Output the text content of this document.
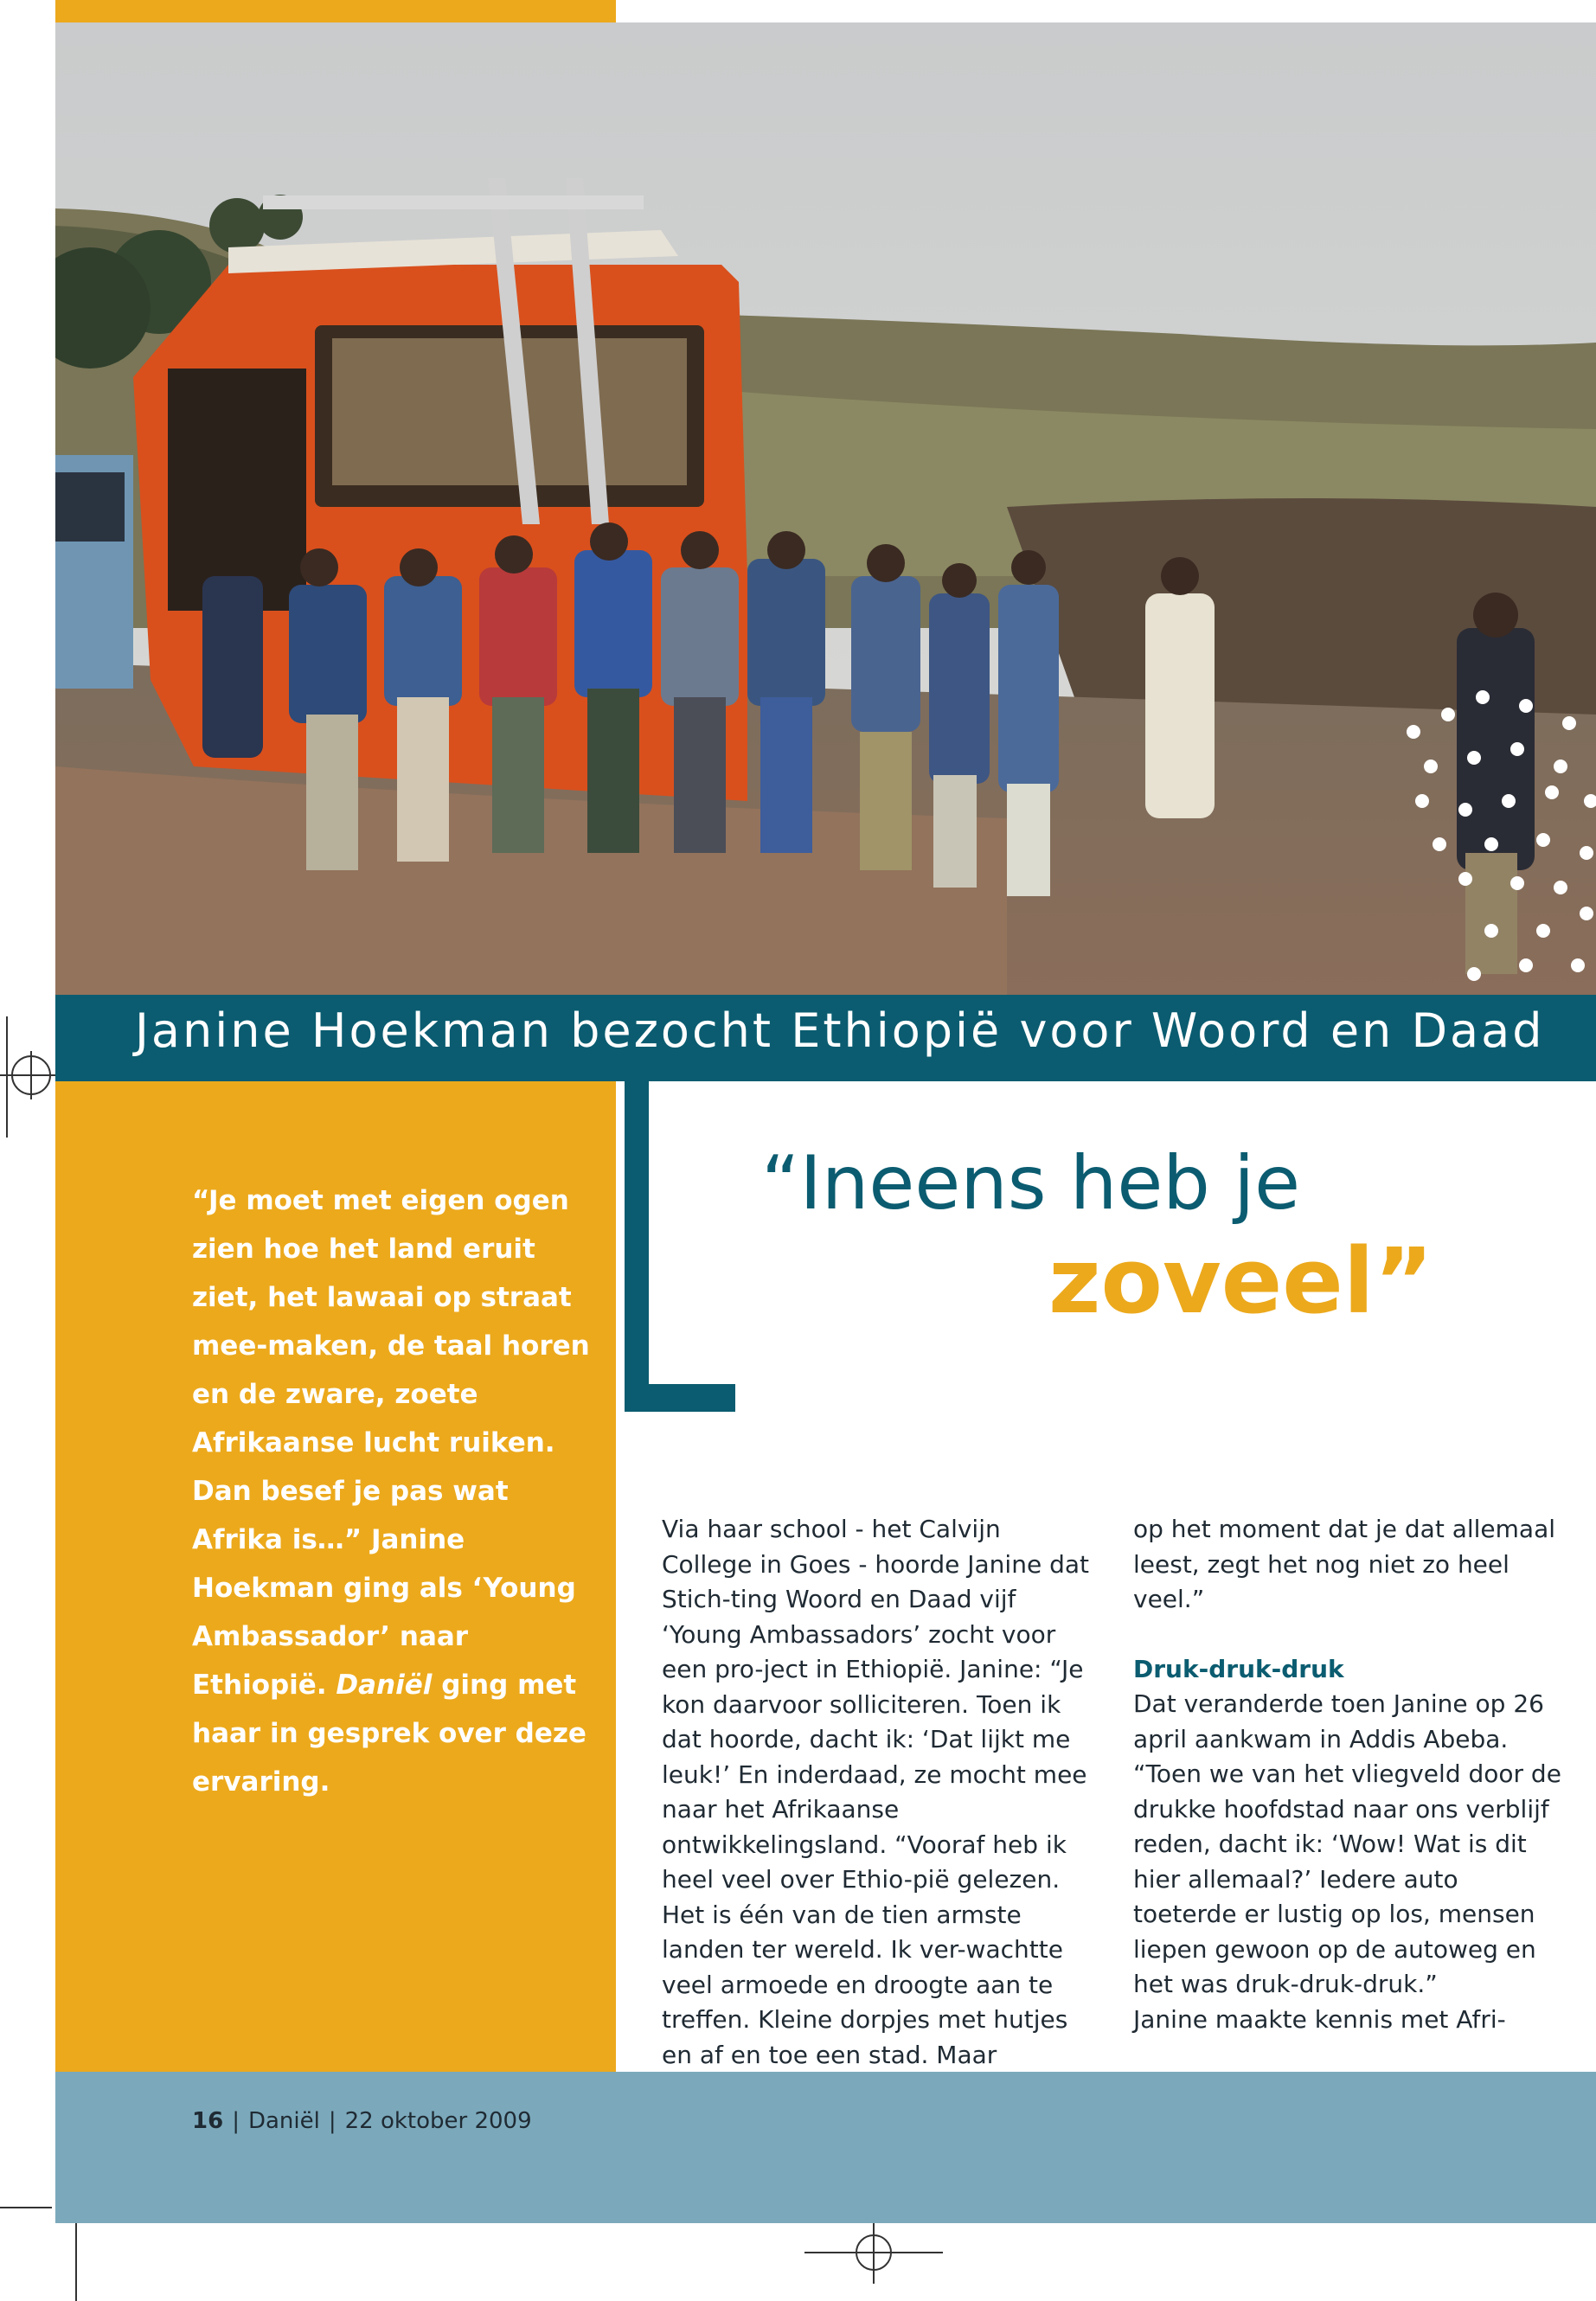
Janine Hoekman bezocht Ethiopië voor Woord en Daad
“Je moet met eigen ogen zien hoe het land eruit ziet, het lawaai op straat mee-maken, de taal horen en de zware, zoete Afrikaanse lucht ruiken. Dan besef je pas wat Afrika is…” Janine Hoekman ging als ‘Young Ambassador’ naar Ethiopië. Daniël ging met haar in gesprek over deze ervaring.
“Ineens heb je
zoveel”

Via haar school - het Calvijn College in Goes - hoorde Janine dat Stich-ting Woord en Daad vijf ‘Young Ambassadors’ zocht voor een pro-ject in Ethiopië. Janine: “Je kon daarvoor solliciteren. Toen ik dat hoorde, dacht ik: ‘Dat lijkt me leuk!’ En inderdaad, ze mocht mee naar het Afrikaanse ontwikkelingsland. “Vooraf heb ik heel veel over Ethio-pië gelezen. Het is één van de tien armste landen ter wereld. Ik ver-wachtte veel armoede en droogte aan te treffen. Kleine dorpjes met hutjes en af en toe een stad. Maar

op het moment dat je dat allemaal leest, zegt het nog niet zo heel veel.”

Druk-druk-druk

Dat veranderde toen Janine op 26 april aankwam in Addis Abeba. “Toen we van het vliegveld door de drukke hoofdstad naar ons verblijf reden, dacht ik: ‘Wow! Wat is dit hier allemaal?’ Iedere auto toeterde er lustig op los, mensen liepen gewoon op de autoweg en het was druk-druk-druk.”

Janine maakte kennis met Afri-

16 | Daniël | 22 oktober 2009
